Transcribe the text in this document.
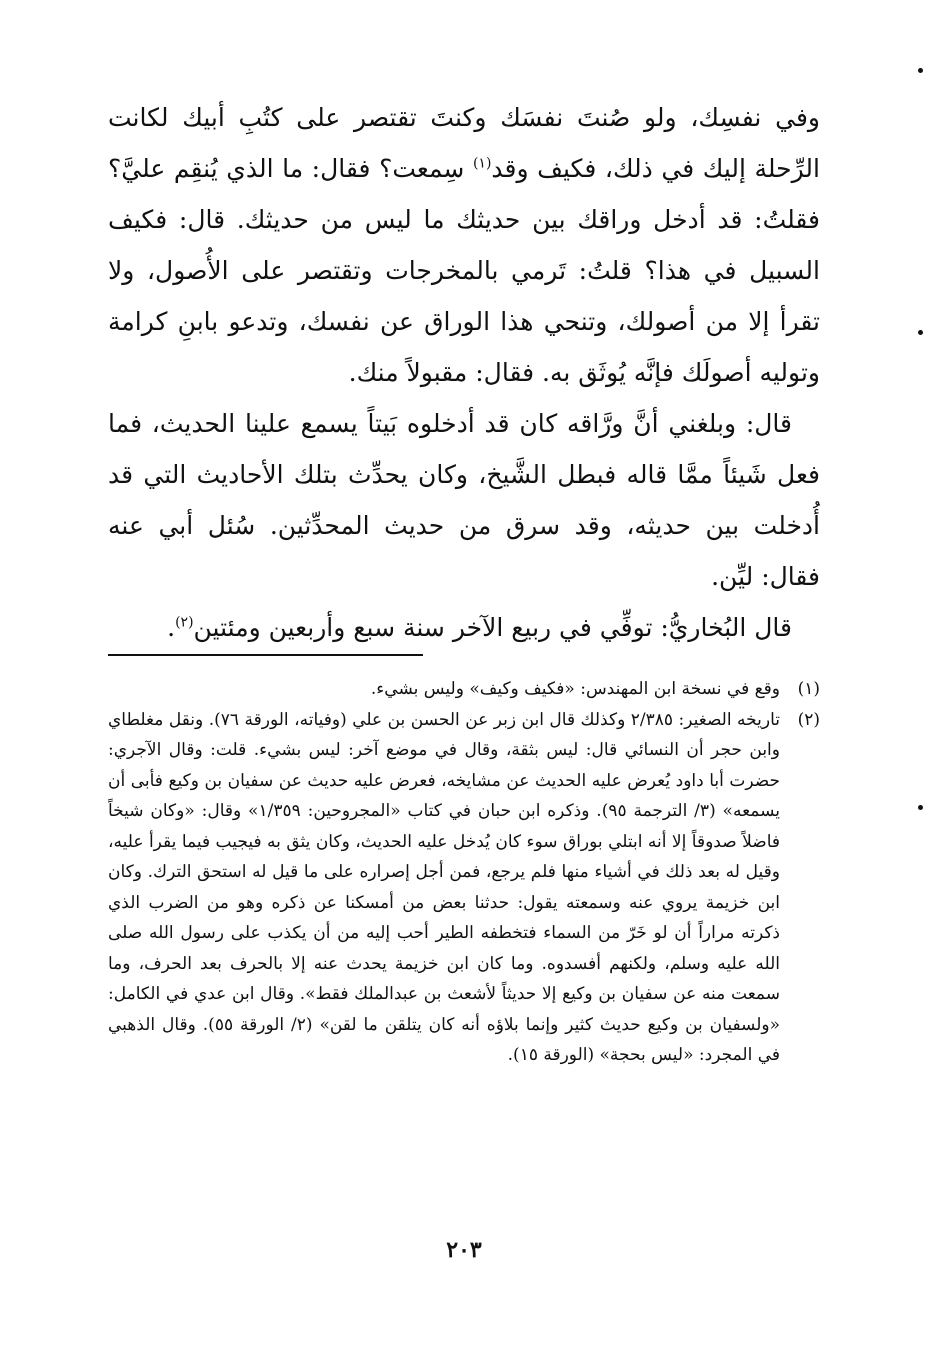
وفي نفسِك، ولو صُنتَ نفسَك وكنتَ تقتصر على كتُبِ أبيك لكانت الرِّحلة إليك في ذلك، فكيف وقد$^{(١)}$ سِمعت؟ فقال: ما الذي يُنقِم عليَّ؟ فقلتُ: قد أدخل وراقك بين حديثك ما ليس من حديثك. قال: فكيف السبيل في هذا؟ قلتُ: تَرمي بالمخرجات وتقتصر على الأُصول، ولا تقرأ إلا من أصولك، وتنحي هذا الوراق عن نفسك، وتدعو بابنِ كرامة وتوليه أصولَك فإنَّه يُوثَق به. فقال: مقبولاً منك.

قال: وبلغني أنَّ ورَّاقه كان قد أدخلوه بَيتاً يسمع علينا الحديث، فما فعل شَيئاً ممَّا قاله فبطل الشَّيخ، وكان يحدِّث بتلك الأحاديث التي قد أُدخلت بين حديثه، وقد سرق من حديث المحدِّثين. سُئل أبي عنه فقال: ليِّن.

قال البُخاريُّ: توفِّي في ربيع الآخر سنة سبع وأربعين ومئتين$^{(٢)}$.

(١)
وقع في نسخة ابن المهندس: «فكيف وكيف» وليس بشيء.
(٢)
تاريخه الصغير: ٢/٣٨٥ وكذلك قال ابن زبر عن الحسن بن علي (وفياته، الورقة ٧٦). ونقل مغلطاي وابن حجر أن النسائي قال: ليس بثقة، وقال في موضع آخر: ليس بشيء. قلت: وقال الآجري: حضرت أبا داود يُعرض عليه الحديث عن مشايخه، فعرض عليه حديث عن سفيان بن وكيع فأبى أن يسمعه» (٣/ الترجمة ٩٥). وذكره ابن حبان في كتاب «المجروحين: ١/٣٥٩» وقال: «وكان شيخاً فاضلاً صدوقاً إلا أنه ابتلي بوراق سوء كان يُدخل عليه الحديث، وكان يثق به فيجيب فيما يقرأ عليه، وقيل له بعد ذلك في أشياء منها فلم يرجع، فمن أجل إصراره على ما قيل له استحق الترك. وكان ابن خزيمة يروي عنه وسمعته يقول: حدثنا بعض من أمسكنا عن ذكره وهو من الضرب الذي ذكرته مراراً أن لو خَرّ من السماء فتخطفه الطير أحب إليه من أن يكذب على رسول الله صلى الله عليه وسلم، ولكنهم أفسدوه. وما كان ابن خزيمة يحدث عنه إلا بالحرف بعد الحرف، وما سمعت منه عن سفيان بن وكيع إلا حديثاً لأشعث بن عبدالملك فقط». وقال ابن عدي في الكامل: «ولسفيان بن وكيع حديث كثير وإنما بلاؤه أنه كان يتلقن ما لقن» (٢/ الورقة ٥٥). وقال الذهبي في المجرد: «ليس بحجة» (الورقة ١٥).
٢٠٣
